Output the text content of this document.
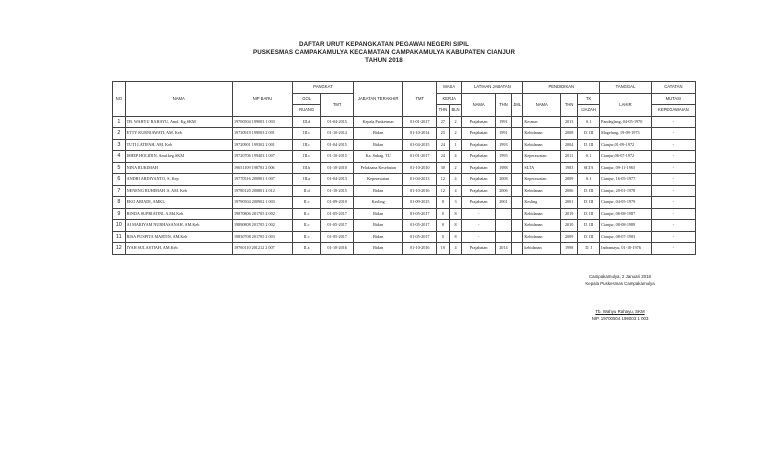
DAFTAR URUT KEPANGKATAN PEGAWAI NEGERI SIPIL
PUSKESMAS CAMPAKAMULYA KECAMATAN CAMPAKAMULYA KABUPATEN CIANJUR
TAHUN 2018
NO	NAMA	NIP BARU	PANGKAT		JABATAN TERAKHIR	TMT	MASA		LATIHAN JABATAN			PENDIDIKAN			TANGGAL	CATATAN
			GOL	TMT			KERJA		NAMA	THN	JML	NAMA	THN	TK	LAHIR	MUTASI
			RUANG				THN	BLN						IJAZAH		KEPEGAWAIAN
1	TB. WAHYU RAHAYU, Amd. Kg.SKM	19700504 199003 1 003	III.d	01-04-2015	Kepala Puskesmas	01-01-2017	27	2	Prajabatan	1991		Kesmas	2013	S.1	Pandeglang, 04-05-1970	-
2	ETTY KURNIAWATI, AM. Keb	19730919 199003 2 001	III.c	01-10-2014	Bidan	01-10-2014	25	2	Prajabatan	1991		Kebidanan	2008	D. III	Magelang, 19-09-1973	-
3	TUTI LATIFAH, AM. Keb	19720901 199302 2 001	III.c	01-04-2015	Bidan	01-04-2015	24	1	Prajabatan	1993		Kebidanan	2004	D. III	Cianjur,01-09-1972	-
4	ISHEP HOLIDIN, Amd.keg.SKM	19720706 199403 1 007	III.c	01-10-2015	Ka. Subag. TU	01-01-2017	24	4	Prajabatan	1995		Keperawatan	2011	S.1	Cianjur,06-07-1972	-
5	NINA RUKIMAH	19651109 198703 2 006	III.b	01-10-2010	Pelaksana Kesehatan	01-10-2010	30	2	Prajabatan	1988		SLTA	1983	SLTA	Cianjur, 09-11-1965	-
6	ANDRI ARDIYANTO, S. Kep	19770516 200901 1 007	III.a	01-04-2013	Keperawatan	01-04-2013	12	4	Prajabatan	2008		Keperawatan	2009	S.1	Cianjur, 16-05-1977	-
7	NENENG RUHIMAH .S, AM. Keb	19780120 200801 2 012	II.d	01-10-2015	Bidan	01-10-2016	12	4	Prajabatan	2006		Kebidanan	2006	D. III	Cianjur, 20-01-1978	-
8	EKO ARIADI, AMKL	19790504 200902 1 003	II.c	01-09-2010	Kesling	01-09-2015	8	3	Prajabatan	2001		Kesling	2001	D. III	Cianjur, 04-05-1979	-
9	RINDA SUPRIATINI, A.Md.Keb	19870806 201705 2 002	II.c	01-05-2017	Bidan	01-05-2017	0	8	-			Kebidanan	2019	D. III	Cianjur, 06-08-1987	-
10	AI MARIYAM NURHASANAH, AM.Keb	19890808 201705 2 002	II.c	01-05-2017	Bidan	01-05-2017	0	8	-			Kebidanan	2010	D. III	Cianjur, 08-08-1989	-
11	RISA PUSPITA MARTIN, AM.Keb	19830708 201705 2 003	II.c	01-05-2017	Bidan	01-05-2017	0	8	-			Kebidanan	2009	D. III	Cianjur, 08-07-1983	-
12	IYAH SULASTIAH, AM.Keb	19760110 201212 2 007	II.a	01-10-2016	Bidan	01-10-2016	10	4	Prajabatan	2014		kebidanan	1998	D. I	Indramayu, 01-10-1976	-
Campakamulya, 2 Januari 2018
Kepala Puskesmas Campakamulya
Tb. Wahyu Rahayu, SKM
NIP. 19700504 199003 1 003
